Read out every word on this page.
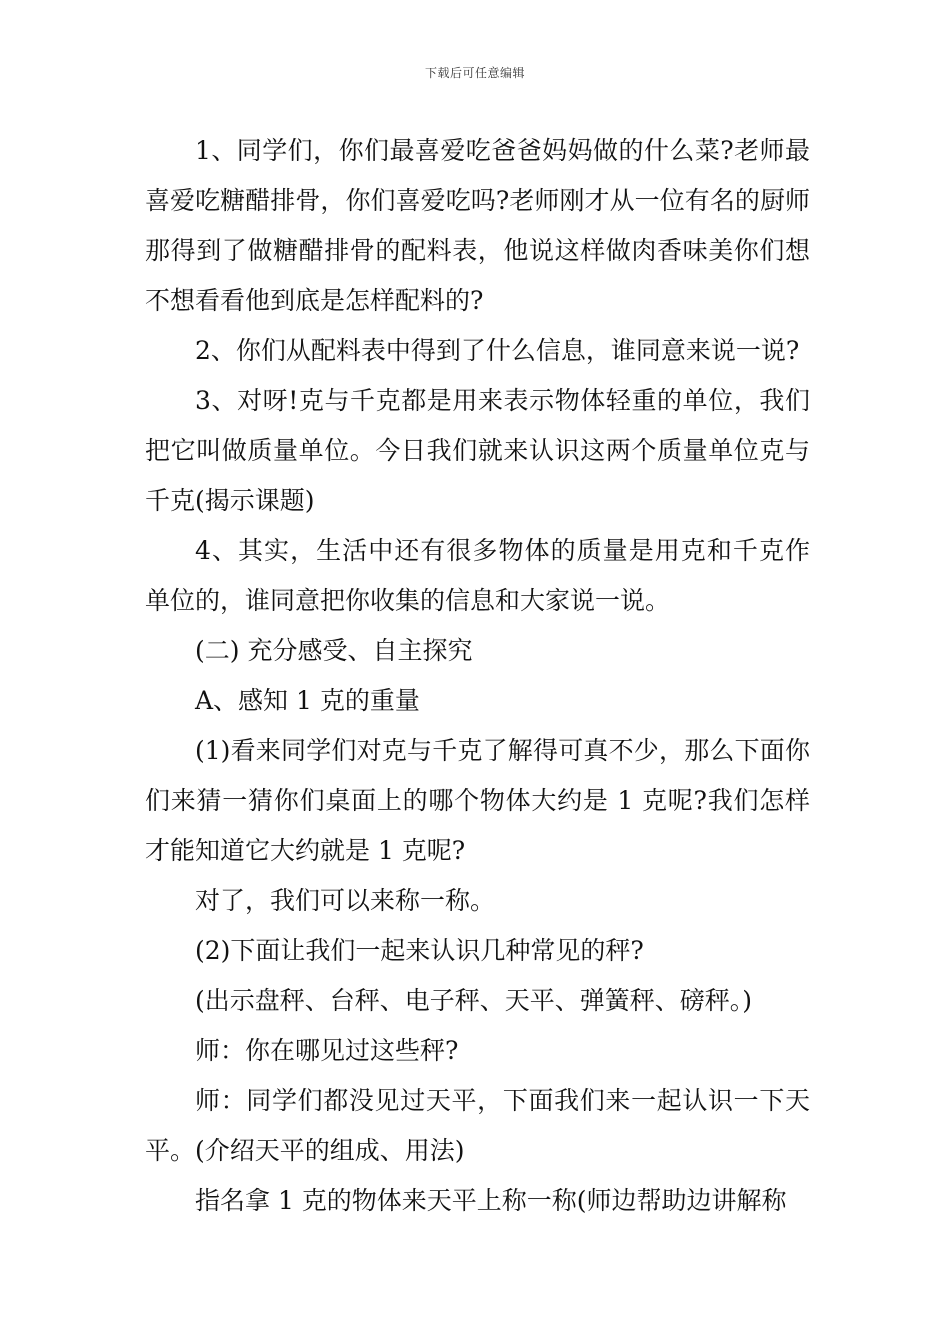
下载后可任意编辑

1、同学们，你们最喜爱吃爸爸妈妈做的什么菜?老师最喜爱吃糖醋排骨，你们喜爱吃吗?老师刚才从一位有名的厨师那得到了做糖醋排骨的配料表，他说这样做肉香味美你们想不想看看他到底是怎样配料的?

2、你们从配料表中得到了什么信息，谁同意来说一说?

3、对呀!克与千克都是用来表示物体轻重的单位，我们把它叫做质量单位。今日我们就来认识这两个质量单位克与千克(揭示课题)

4、其实，生活中还有很多物体的质量是用克和千克作单位的，谁同意把你收集的信息和大家说一说。

(二) 充分感受、自主探究

A、感知 1 克的重量

(1)看来同学们对克与千克了解得可真不少，那么下面你们来猜一猜你们桌面上的哪个物体大约是 1 克呢?我们怎样才能知道它大约就是 1 克呢?

对了，我们可以来称一称。

(2)下面让我们一起来认识几种常见的秤?

(出示盘秤、台秤、电子秤、天平、弹簧秤、磅秤。)

师：你在哪见过这些秤?

师：同学们都没见过天平，下面我们来一起认识一下天平。(介绍天平的组成、用法)

指名拿 1 克的物体来天平上称一称(师边帮助边讲解称
